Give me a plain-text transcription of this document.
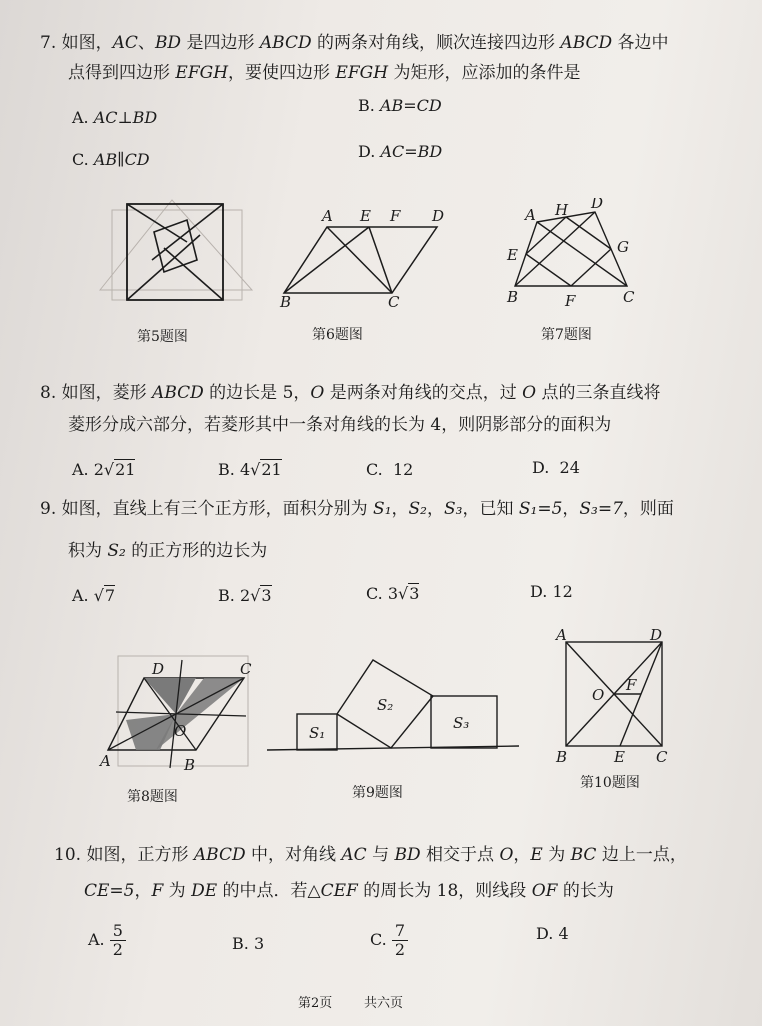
7. 如图，AC、BD 是四边形 ABCD 的两条对角线，顺次连接四边形 ABCD 各边中
点得到四边形 EFGH，要使四边形 EFGH 为矩形，应添加的条件是
A. AC⊥BD
B. AB=CD
C. AB∥CD	D. AC=BD
第5题图
A E F D
B	C
第6题图
A H D
E	G
B	F	C
第7题图
8. 如图，菱形 ABCD 的边长是 5，O 是两条对角线的交点，过 O 点的三条直线将
菱形分成六部分，若菱形其中一条对角线的长为 4，则阴影部分的面积为
A. 2√21	B. 4√21	C. 12	D. 24
9. 如图，直线上有三个正方形，面积分别为 S₁，S₂，S₃，已知 S₁=5，S₃=7，则面
积为 S₂ 的正方形的边长为
A. √7	B. 2√3	C. 3√3	D. 12
D	C
O
A	B
第8题图
S₁
S₂
S₃
第9题图
A	D
O
F
B	E C
第10题图
10. 如图，正方形 ABCD 中，对角线 AC 与 BD 相交于点 O，E 为 BC 边上一点，
CE=5，F 为 DE 的中点．若△CEF 的周长为 18，则线段 OF 的长为
A. $\frac{5}{2}$	B. 3	C. $\frac{7}{2}$	D. 4
第2页 共六页
